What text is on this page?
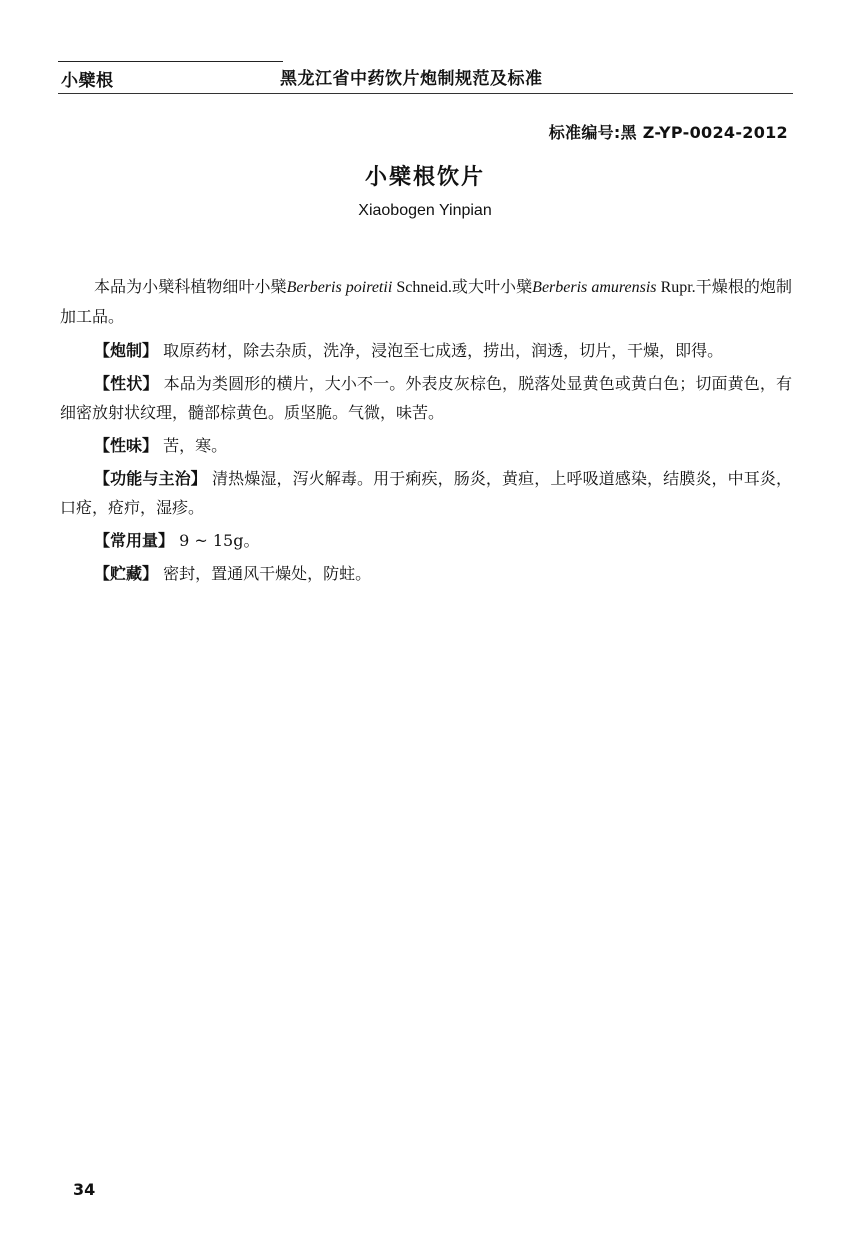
小檗根	黑龙江省中药饮片炮制规范及标准
标准编号:黑 Z-YP-0024-2012
小檗根饮片
Xiaobogen Yinpian

本品为小檗科植物细叶小檗Berberis poiretii Schneid.或大叶小檗Berberis amurensis Rupr.干燥根的炮制加工品。

【炮制】 取原药材，除去杂质，洗净，浸泡至七成透，捞出，润透，切片，干燥，即得。

【性状】 本品为类圆形的横片，大小不一。外表皮灰棕色，脱落处显黄色或黄白色；切面黄色，有细密放射状纹理，髓部棕黄色。质坚脆。气微，味苦。

【性味】 苦，寒。

【功能与主治】 清热燥湿，泻火解毒。用于痢疾，肠炎，黄疸，上呼吸道感染，结膜炎，中耳炎，口疮，疮疖，湿疹。

【常用量】 9 ~ 15g。

【贮藏】 密封，置通风干燥处，防蛀。

34
